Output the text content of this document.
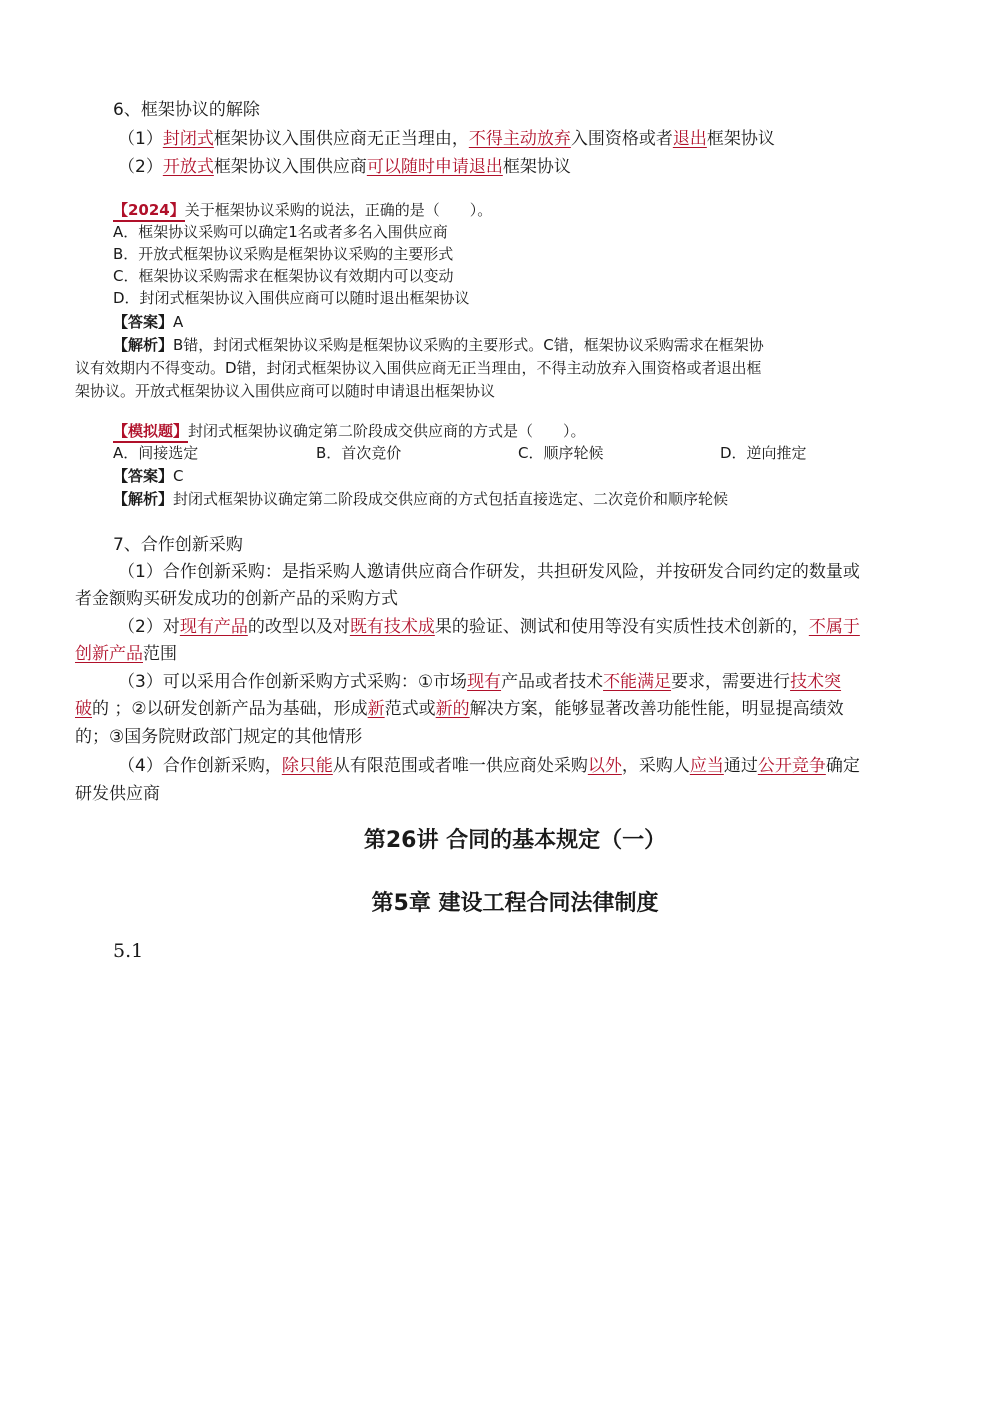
6、框架协议的解除
（1）封闭式框架协议入围供应商无正当理由，不得主动放弃入围资格或者退出框架协议
（2）开放式框架协议入围供应商可以随时申请退出框架协议
【2024】关于框架协议采购的说法，正确的是（　　）。
A．框架协议采购可以确定1名或者多名入围供应商
B．开放式框架协议采购是框架协议采购的主要形式
C．框架协议采购需求在框架协议有效期内可以变动
D．封闭式框架协议入围供应商可以随时退出框架协议
【答案】A
【解析】B错，封闭式框架协议采购是框架协议采购的主要形式。C错，框架协议采购需求在框架协
议有效期内不得变动。D错，封闭式框架协议入围供应商无正当理由，不得主动放弃入围资格或者退出框
架协议。开放式框架协议入围供应商可以随时申请退出框架协议
【模拟题】封闭式框架协议确定第二阶段成交供应商的方式是（　　）。
A．间接选定	B．首次竞价	C．顺序轮候	D．逆向推定
【答案】C
【解析】封闭式框架协议确定第二阶段成交供应商的方式包括直接选定、二次竞价和顺序轮候
7、合作创新采购
（1）合作创新采购：是指采购人邀请供应商合作研发，共担研发风险，并按研发合同约定的数量或
者金额购买研发成功的创新产品的采购方式
（2）对现有产品的改型以及对既有技术成果的验证、测试和使用等没有实质性技术创新的，不属于
创新产品范围
（3）可以采用合作创新采购方式采购：①市场现有产品或者技术不能满足要求，需要进行技术突
破的 ；②以研发创新产品为基础，形成新范式或新的解决方案，能够显著改善功能性能，明显提高绩效
的；③国务院财政部门规定的其他情形
（4）合作创新采购，除只能从有限范围或者唯一供应商处采购以外，采购人应当通过公开竞争确定
研发供应商
第26讲 合同的基本规定（一）
第5章 建设工程合同法律制度
5.1
